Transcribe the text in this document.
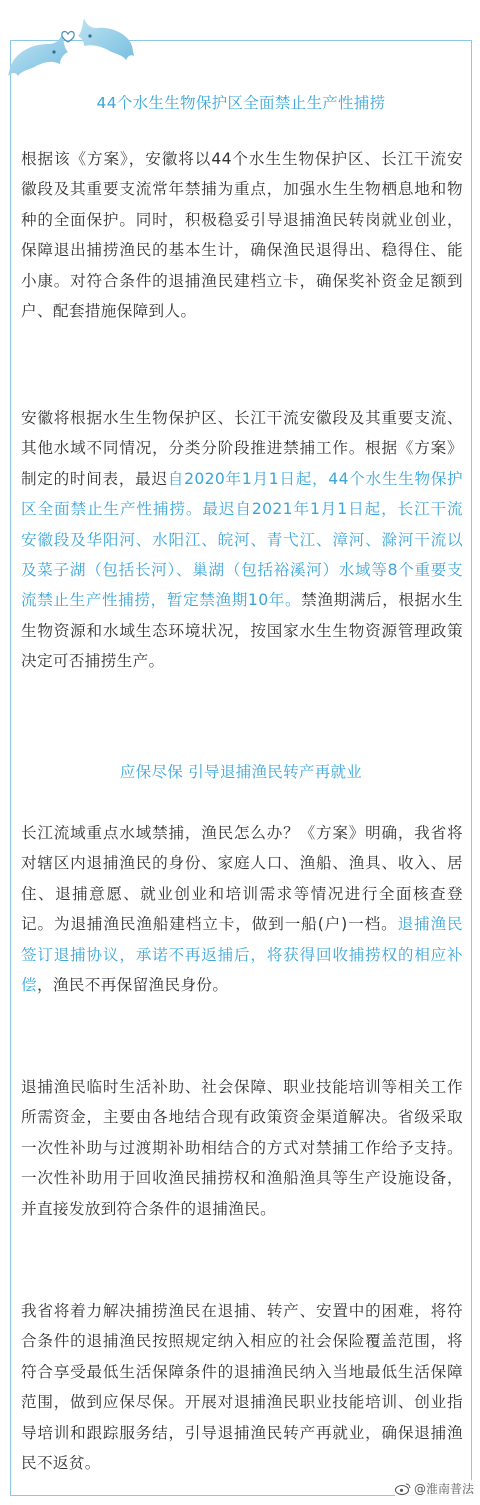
44个水生生物保护区全面禁止生产性捕捞

根据该《方案》，安徽将以44个水生生物保护区、长江干流安徽段及其重要支流常年禁捕为重点，加强水生生物栖息地和物种的全面保护。同时，积极稳妥引导退捕渔民转岗就业创业，保障退出捕捞渔民的基本生计，确保渔民退得出、稳得住、能小康。对符合条件的退捕渔民建档立卡，确保奖补资金足额到户、配套措施保障到人。

安徽将根据水生生物保护区、长江干流安徽段及其重要支流、其他水域不同情况，分类分阶段推进禁捕工作。根据《方案》制定的时间表，最迟自2020年1月1日起，44个水生生物保护区全面禁止生产性捕捞。最迟自2021年1月1日起，长江干流安徽段及华阳河、水阳江、皖河、青弋江、漳河、滁河干流以及菜子湖（包括长河）、巢湖（包括裕溪河）水域等8个重要支流禁止生产性捕捞，暂定禁渔期10年。禁渔期满后，根据水生生物资源和水域生态环境状况，按国家水生生物资源管理政策决定可否捕捞生产。

应保尽保 引导退捕渔民转产再就业

长江流域重点水域禁捕，渔民怎么办？《方案》明确，我省将对辖区内退捕渔民的身份、家庭人口、渔船、渔具、收入、居住、退捕意愿、就业创业和培训需求等情况进行全面核查登记。为退捕渔民渔船建档立卡，做到一船(户)一档。退捕渔民签订退捕协议，承诺不再返捕后，将获得回收捕捞权的相应补偿，渔民不再保留渔民身份。

退捕渔民临时生活补助、社会保障、职业技能培训等相关工作所需资金，主要由各地结合现有政策资金渠道解决。省级采取一次性补助与过渡期补助相结合的方式对禁捕工作给予支持。一次性补助用于回收渔民捕捞权和渔船渔具等生产设施设备，并直接发放到符合条件的退捕渔民。

我省将着力解决捕捞渔民在退捕、转产、安置中的困难，将符合条件的退捕渔民按照规定纳入相应的社会保险覆盖范围，将符合享受最低生活保障条件的退捕渔民纳入当地最低生活保障范围，做到应保尽保。开展对退捕渔民职业技能培训、创业指导培训和跟踪服务结，引导退捕渔民转产再就业，确保退捕渔民不返贫。

@淮南普法
